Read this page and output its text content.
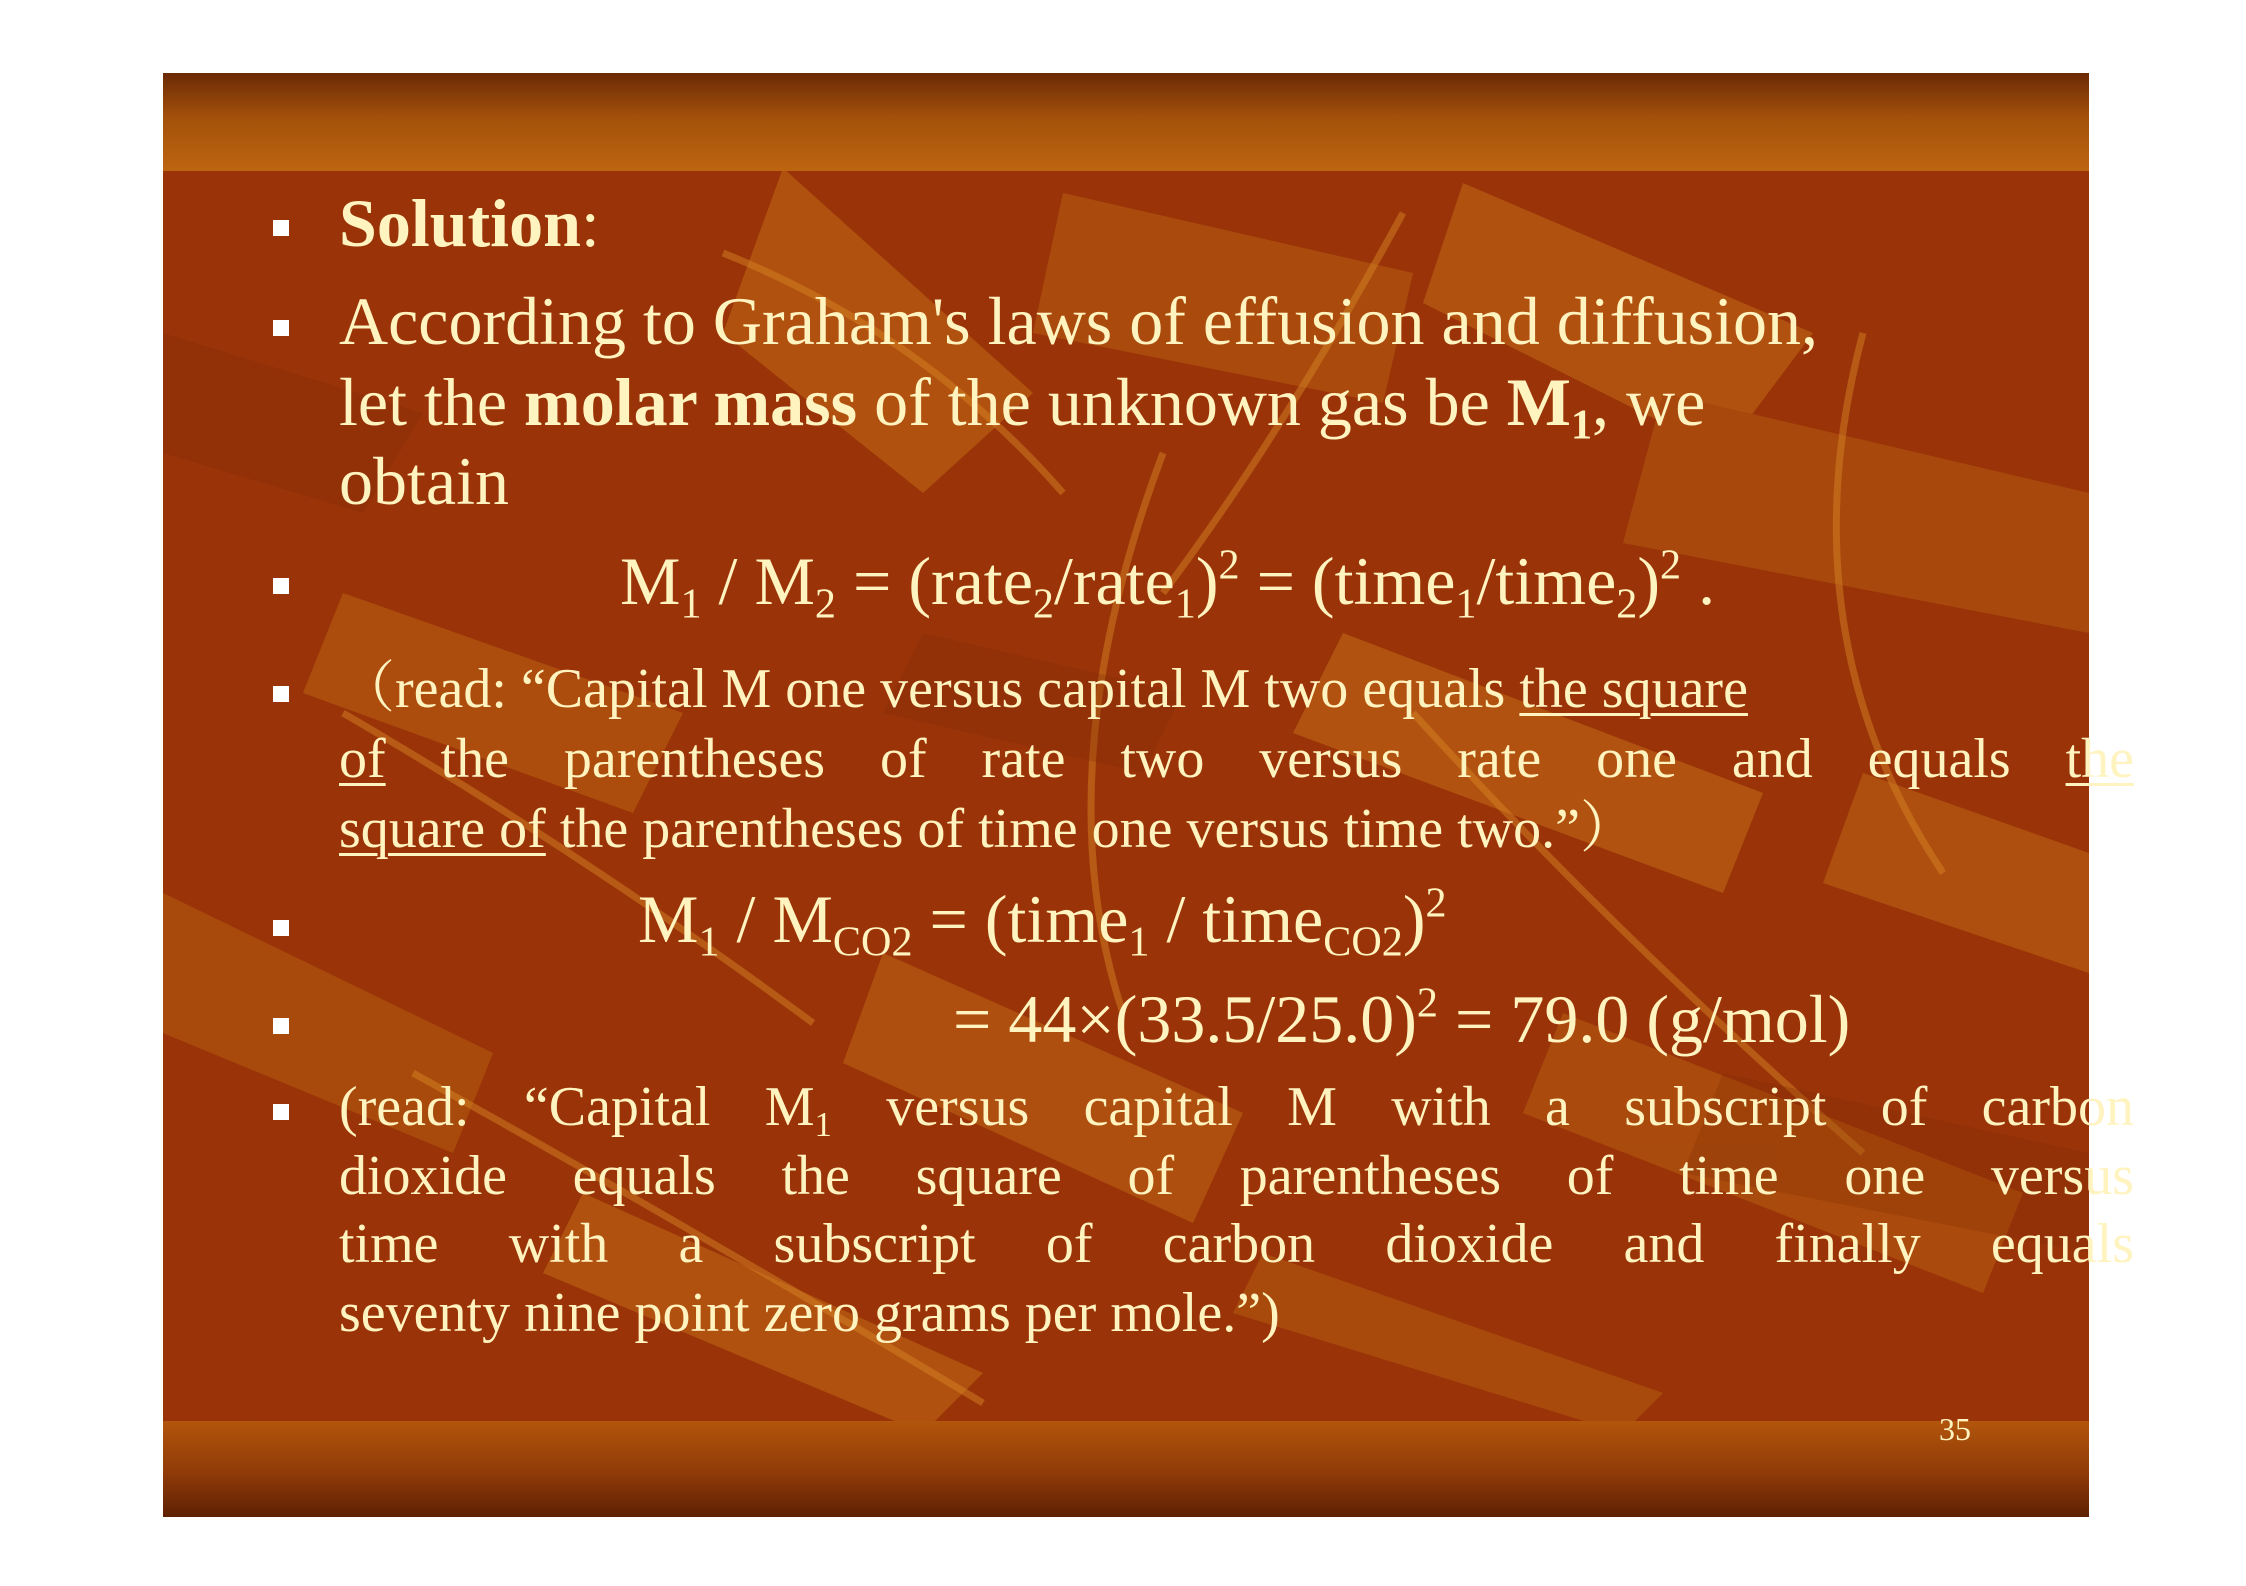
Solution:
According to Graham's laws of effusion and diffusion,
let the molar mass of the unknown gas be $M_1$, we
obtain
$M_1 / M_2$ = (rate$_2$/rate$_1$)$^2$ = (time$_1$/time$_2$)$^2$ .
（read: “Capital M one versus capital M two equals the square
of the parentheses of rate two versus rate one and equals the
square of the parentheses of time one versus time two.”）
$M_1 / M_{CO2}$ = (time$_1$ / time$_{CO2}$)$^2$
= $44\times(33.5/25.0)^2 = 79.0$ (g/mol)
(read: “Capital $M_1$ versus capital M with a subscript of carbon
dioxide equals the square of parentheses of time one versus
time with a subscript of carbon dioxide and finally equals
seventy nine point zero grams per mole.”)
35
